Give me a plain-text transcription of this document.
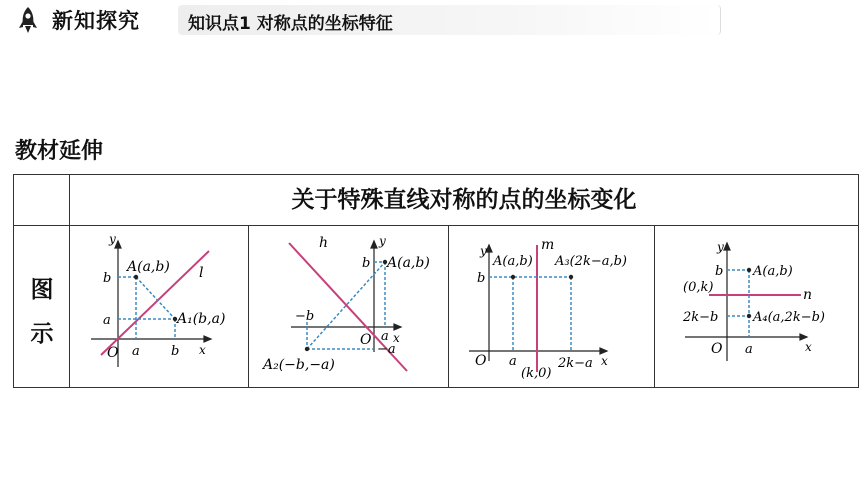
新知探究	知识点1 对称点的坐标特征
教材延伸
关于特殊直线对称的点的坐标变化
图
示
y
x
O
l
A(a,b)
A₁(b,a)
b
a
a b
y
x
O
h
A(a,b)
A₂(−b,−a)
b
−b
a
−a
y
x
O
m
A(a,b) A₃(2k−a,b)
b
a
(k,0)
2k−a
y
x
O
n
A(a,b)
A₄(a,2k−b)
b
(0,k)
2k−b
a
